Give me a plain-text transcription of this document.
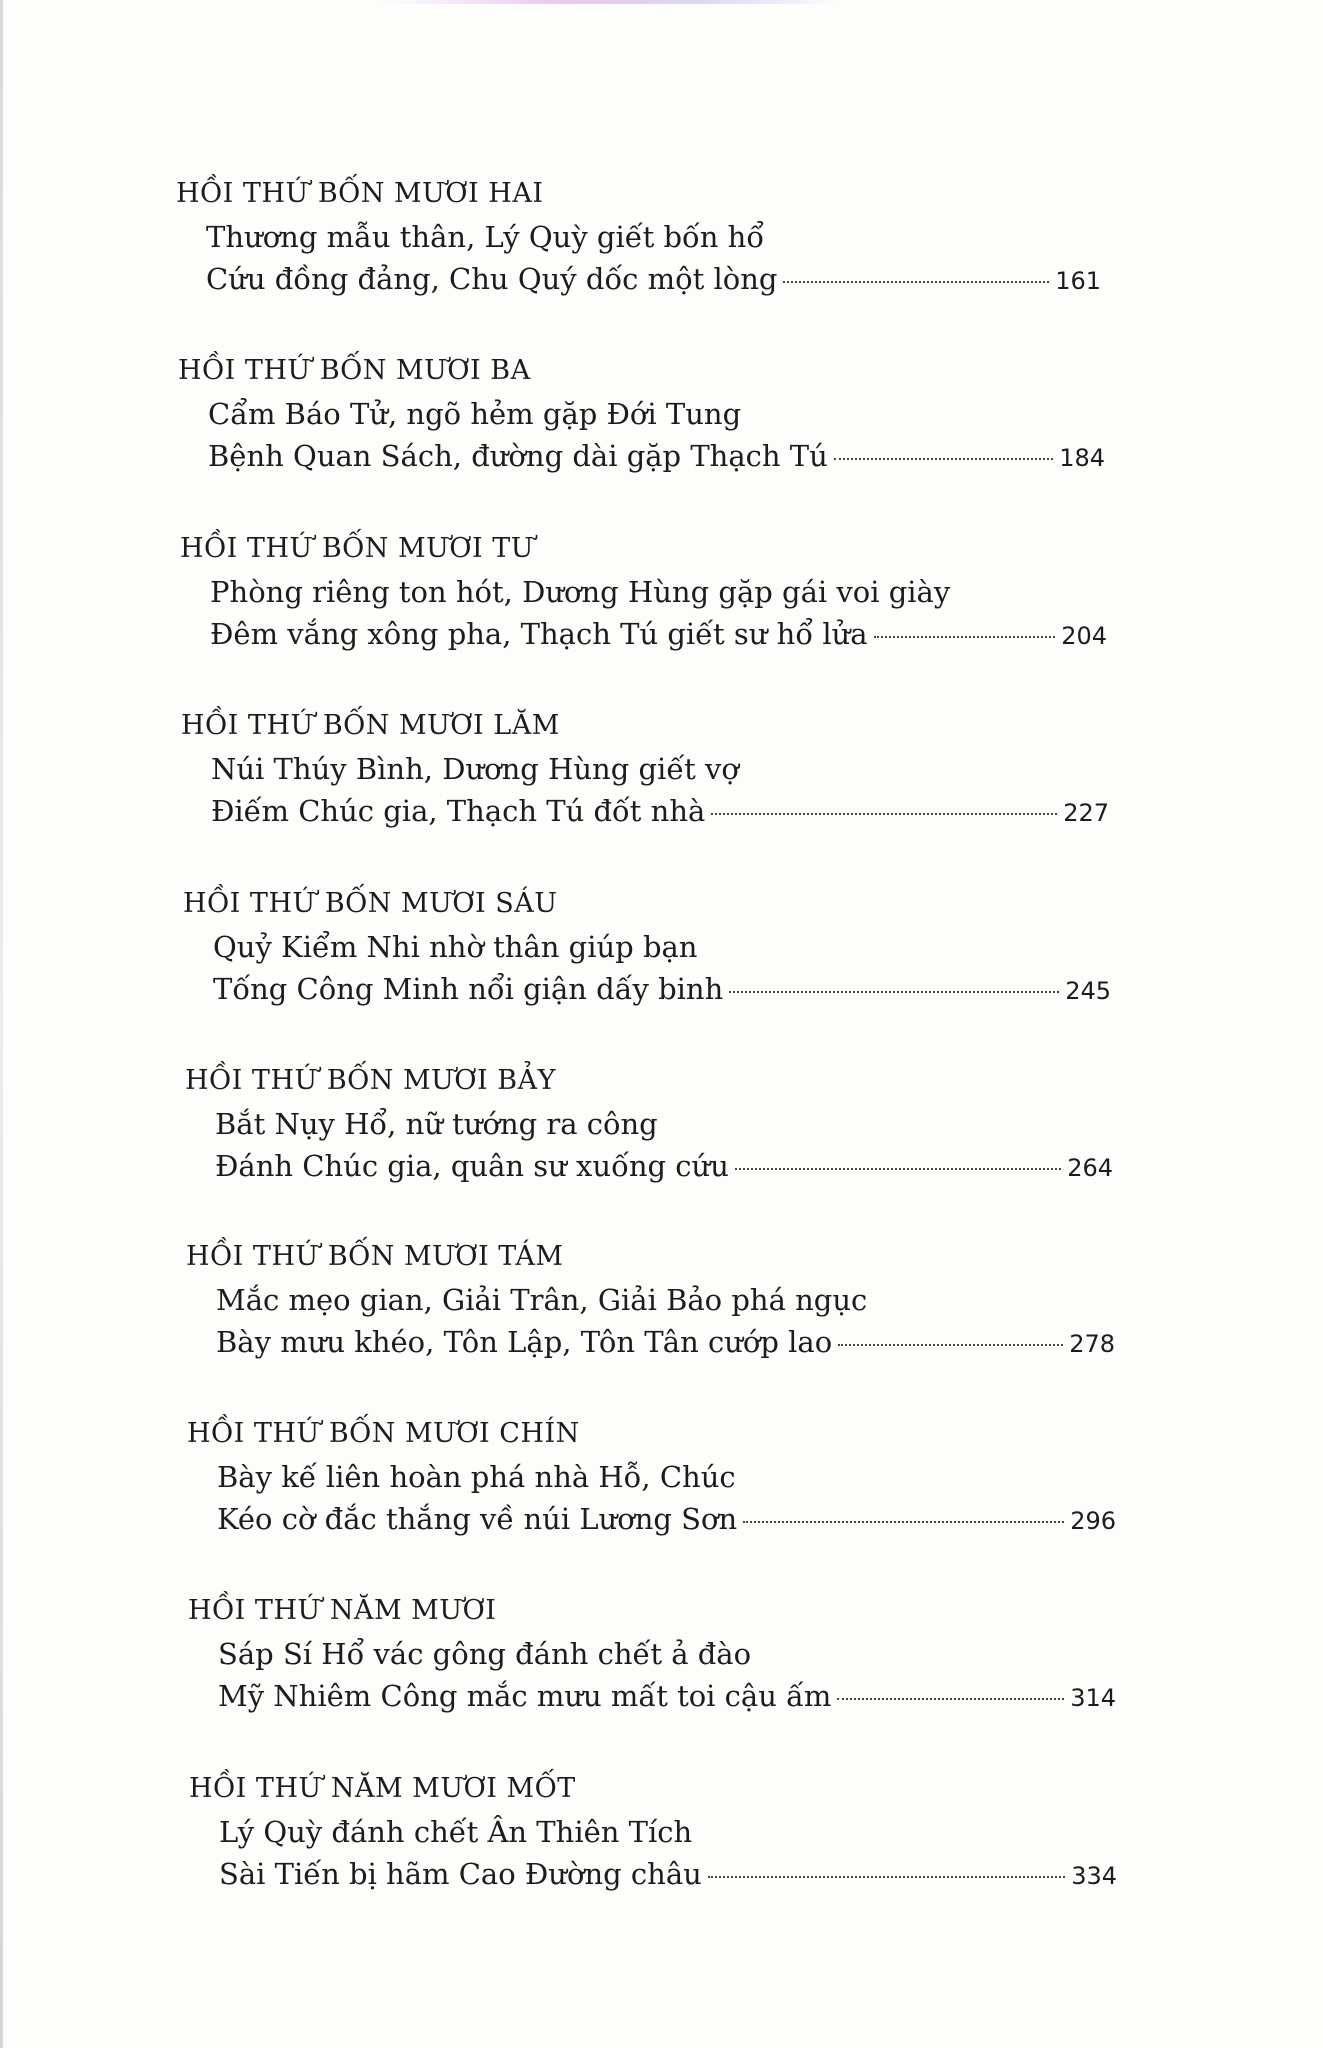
HỒI THỨ BỐN MƯƠI HAI
Thương mẫu thân, Lý Quỳ giết bốn hổ
Cứu đồng đảng, Chu Quý dốc một lòng	161
HỒI THỨ BỐN MƯƠI BA
Cẩm Báo Tử, ngõ hẻm gặp Đới Tung
Bệnh Quan Sách, đường dài gặp Thạch Tú	184
HỒI THỨ BỐN MƯƠI TƯ
Phòng riêng ton hót, Dương Hùng gặp gái voi giày
Đêm vắng xông pha, Thạch Tú giết sư hổ lửa	204
HỒI THỨ BỐN MƯƠI LĂM
Núi Thúy Bình, Dương Hùng giết vợ
Điếm Chúc gia, Thạch Tú đốt nhà	227
HỒI THỨ BỐN MƯƠI SÁU
Quỷ Kiểm Nhi nhờ thân giúp bạn
Tống Công Minh nổi giận dấy binh	245
HỒI THỨ BỐN MƯƠI BẢY
Bắt Nụy Hổ, nữ tướng ra công
Đánh Chúc gia, quân sư xuống cứu	264
HỒI THỨ BỐN MƯƠI TÁM
Mắc mẹo gian, Giải Trân, Giải Bảo phá ngục
Bày mưu khéo, Tôn Lập, Tôn Tân cướp lao	278
HỒI THỨ BỐN MƯƠI CHÍN
Bày kế liên hoàn phá nhà Hỗ, Chúc
Kéo cờ đắc thắng về núi Lương Sơn	296
HỒI THỨ NĂM MƯƠI
Sáp Sí Hổ vác gông đánh chết ả đào
Mỹ Nhiêm Công mắc mưu mất toi cậu ấm	314
HỒI THỨ NĂM MƯƠI MỐT
Lý Quỳ đánh chết Ân Thiên Tích
Sài Tiến bị hãm Cao Đường châu	334
